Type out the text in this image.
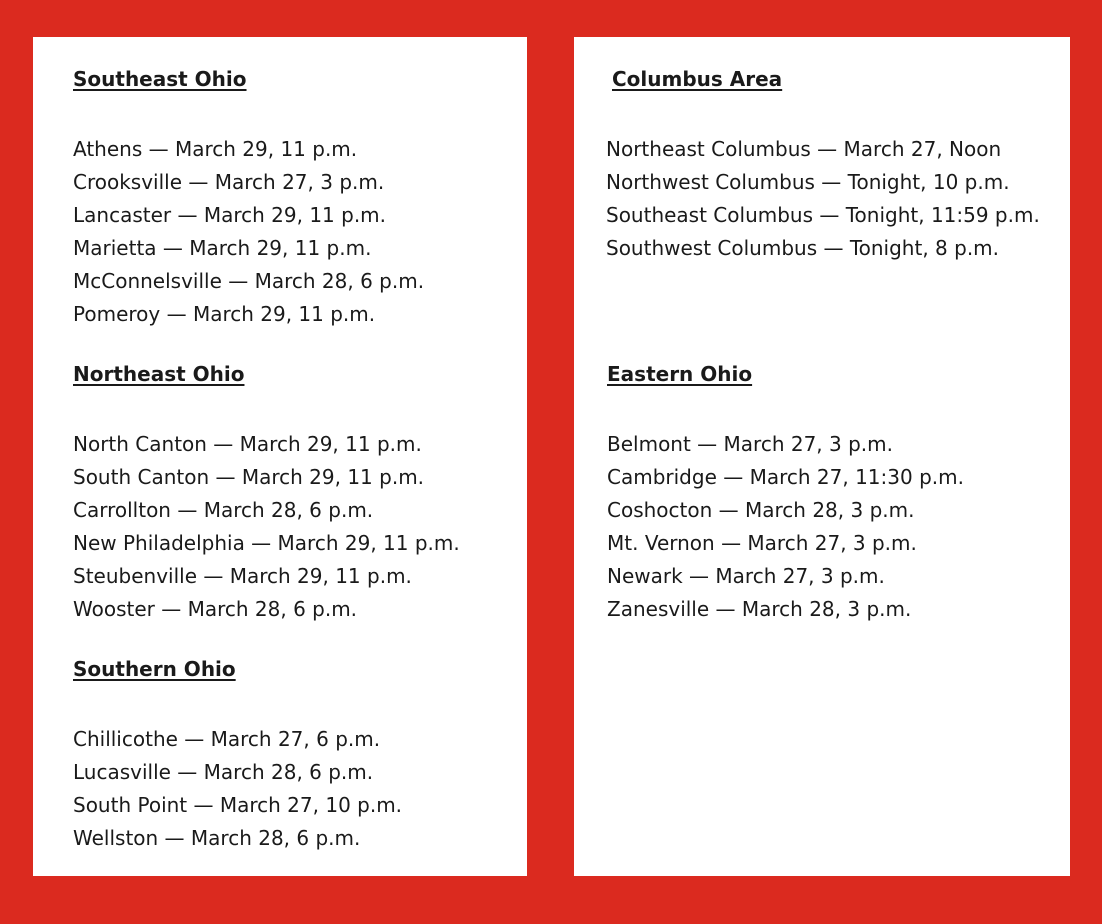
Southeast Ohio
Athens — March 29, 11 p.m.
Crooksville — March 27, 3 p.m.
Lancaster — March 29, 11 p.m.
Marietta — March 29, 11 p.m.
McConnelsville — March 28, 6 p.m.
Pomeroy — March 29, 11 p.m.
Northeast Ohio
North Canton — March 29, 11 p.m.
South Canton — March 29, 11 p.m.
Carrollton — March 28, 6 p.m.
New Philadelphia — March 29, 11 p.m.
Steubenville — March 29, 11 p.m.
Wooster — March 28, 6 p.m.
Southern Ohio
Chillicothe — March 27, 6 p.m.
Lucasville — March 28, 6 p.m.
South Point — March 27, 10 p.m.
Wellston — March 28, 6 p.m.
Columbus Area
Northeast Columbus — March 27, Noon
Northwest Columbus — Tonight, 10 p.m.
Southeast Columbus — Tonight, 11:59 p.m.
Southwest Columbus — Tonight, 8 p.m.
Eastern Ohio
Belmont — March 27, 3 p.m.
Cambridge — March 27, 11:30 p.m.
Coshocton — March 28, 3 p.m.
Mt. Vernon — March 27, 3 p.m.
Newark — March 27, 3 p.m.
Zanesville — March 28, 3 p.m.
